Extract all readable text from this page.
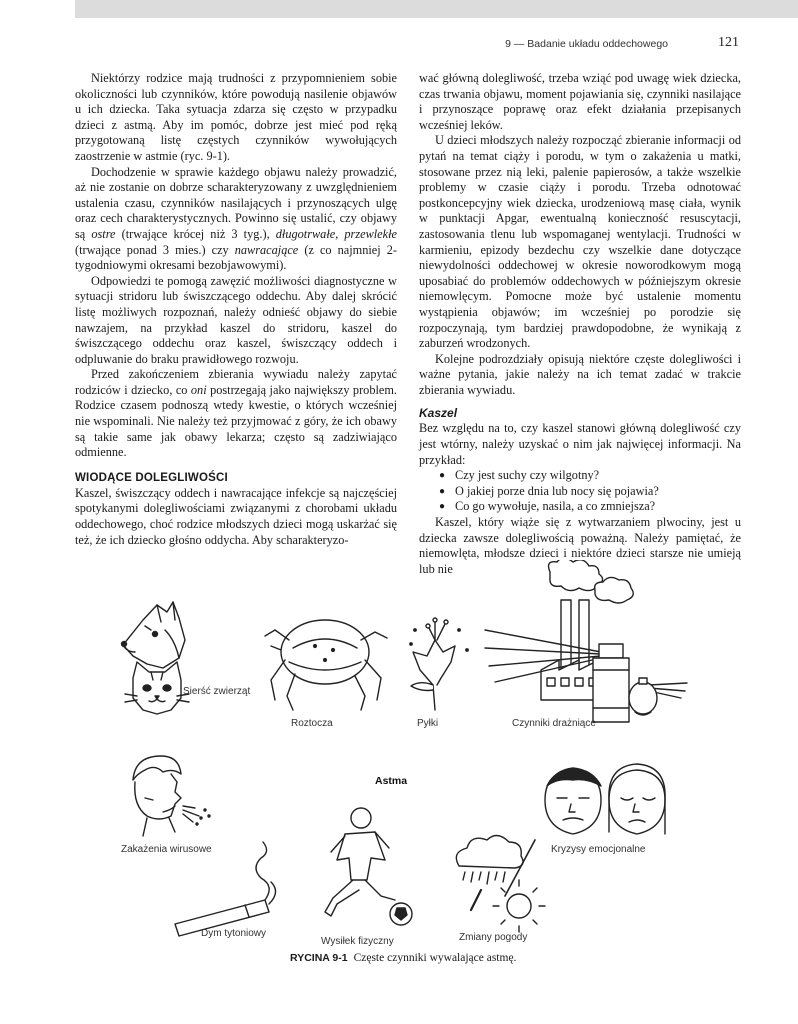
9 — Badanie układu oddechowego	121

Niektórzy rodzice mają trudności z przypomnieniem sobie okoliczności lub czynników, które powodują nasilenie objawów u ich dziecka. Taka sytuacja zdarza się często w przypadku dzieci z astmą. Aby im pomóc, dobrze jest mieć pod ręką przygotowaną listę częstych czynników wywołujących zaostrzenie w astmie (ryc. 9-1).

Dochodzenie w sprawie każdego objawu należy prowadzić, aż nie zostanie on dobrze scharakteryzowany z uwzględnieniem ustalenia czasu, czynników nasilających i przynoszących ulgę oraz cech charakterystycznych. Powinno się ustalić, czy objawy są ostre (trwające krócej niż 3 tyg.), długotrwałe, przewlekłe (trwające ponad 3 mies.) czy nawracające (z co najmniej 2-tygodniowymi okresami bezobjawowymi).

Odpowiedzi te pomogą zawęzić możliwości diagnostyczne w sytuacji stridoru lub świszczącego oddechu. Aby dalej skrócić listę możliwych rozpoznań, należy odnieść objawy do siebie nawzajem, na przykład kaszel do stridoru, kaszel do świszczącego oddechu oraz kaszel, świszczący oddech i odpluwanie do braku prawidłowego rozwoju.

Przed zakończeniem zbierania wywiadu należy zapytać rodziców i dziecko, co oni postrzegają jako największy problem. Rodzice czasem podnoszą wtedy kwestie, o których wcześniej nie wspominali. Nie należy też przyjmować z góry, że ich obawy są takie same jak obawy lekarza; często są zadziwiająco odmienne.

WIODĄCE DOLEGLIWOŚCI

Kaszel, świszczący oddech i nawracające infekcje są najczęściej spotykanymi dolegliwościami związanymi z chorobami układu oddechowego, choć rodzice młodszych dzieci mogą uskarżać się też, że ich dziecko głośno oddycha. Aby scharakteryzo-

wać główną dolegliwość, trzeba wziąć pod uwagę wiek dziecka, czas trwania objawu, moment pojawiania się, czynniki nasilające i przynoszące poprawę oraz efekt działania przepisanych wcześniej leków.

U dzieci młodszych należy rozpocząć zbieranie informacji od pytań na temat ciąży i porodu, w tym o zakażenia u matki, stosowane przez nią leki, palenie papierosów, a także wszelkie problemy w czasie ciąży i porodu. Trzeba odnotować postkoncepcyjny wiek dziecka, urodzeniową masę ciała, wynik w punktacji Apgar, ewentualną konieczność resuscytacji, zastosowania tlenu lub wspomaganej wentylacji. Trudności w karmieniu, epizody bezdechu czy wszelkie dane dotyczące niewydolności oddechowej w okresie noworodkowym mogą uposabiać do problemów oddechowych w późniejszym okresie niemowlęcym. Pomocne może być ustalenie momentu wystąpienia objawów; im wcześniej po porodzie się rozpoczynają, tym bardziej prawdopodobne, że wynikają z zaburzeń wrodzonych.

Kolejne podrozdziały opisują niektóre częste dolegliwości i ważne pytania, jakie należy na ich temat zadać w trakcie zbierania wywiadu.

Kaszel

Bez względu na to, czy kaszel stanowi główną dolegliwość czy jest wtórny, należy uzyskać o nim jak najwięcej informacji. Na przykład:

● Czy jest suchy czy wilgotny?
● O jakiej porze dnia lub nocy się pojawia?
● Co go wywołuje, nasila, a co zmniejsza?

Kaszel, który wiąże się z wytwarzaniem plwociny, jest u dziecka zawsze dolegliwością poważną. Należy pamiętać, że niemowlęta, młodsze dzieci i niektóre dzieci starsze nie umieją lub nie

Sierść zwierząt
Roztocza	Pyłki	Czynniki drażniące
Astma
Zakażenia wirusowe	Kryzysy emocjonalne
Dym tytoniowy	Zmiany pogody
Wysiłek fizyczny
RYCINA 9-1 Częste czynniki wywalające astmę.
